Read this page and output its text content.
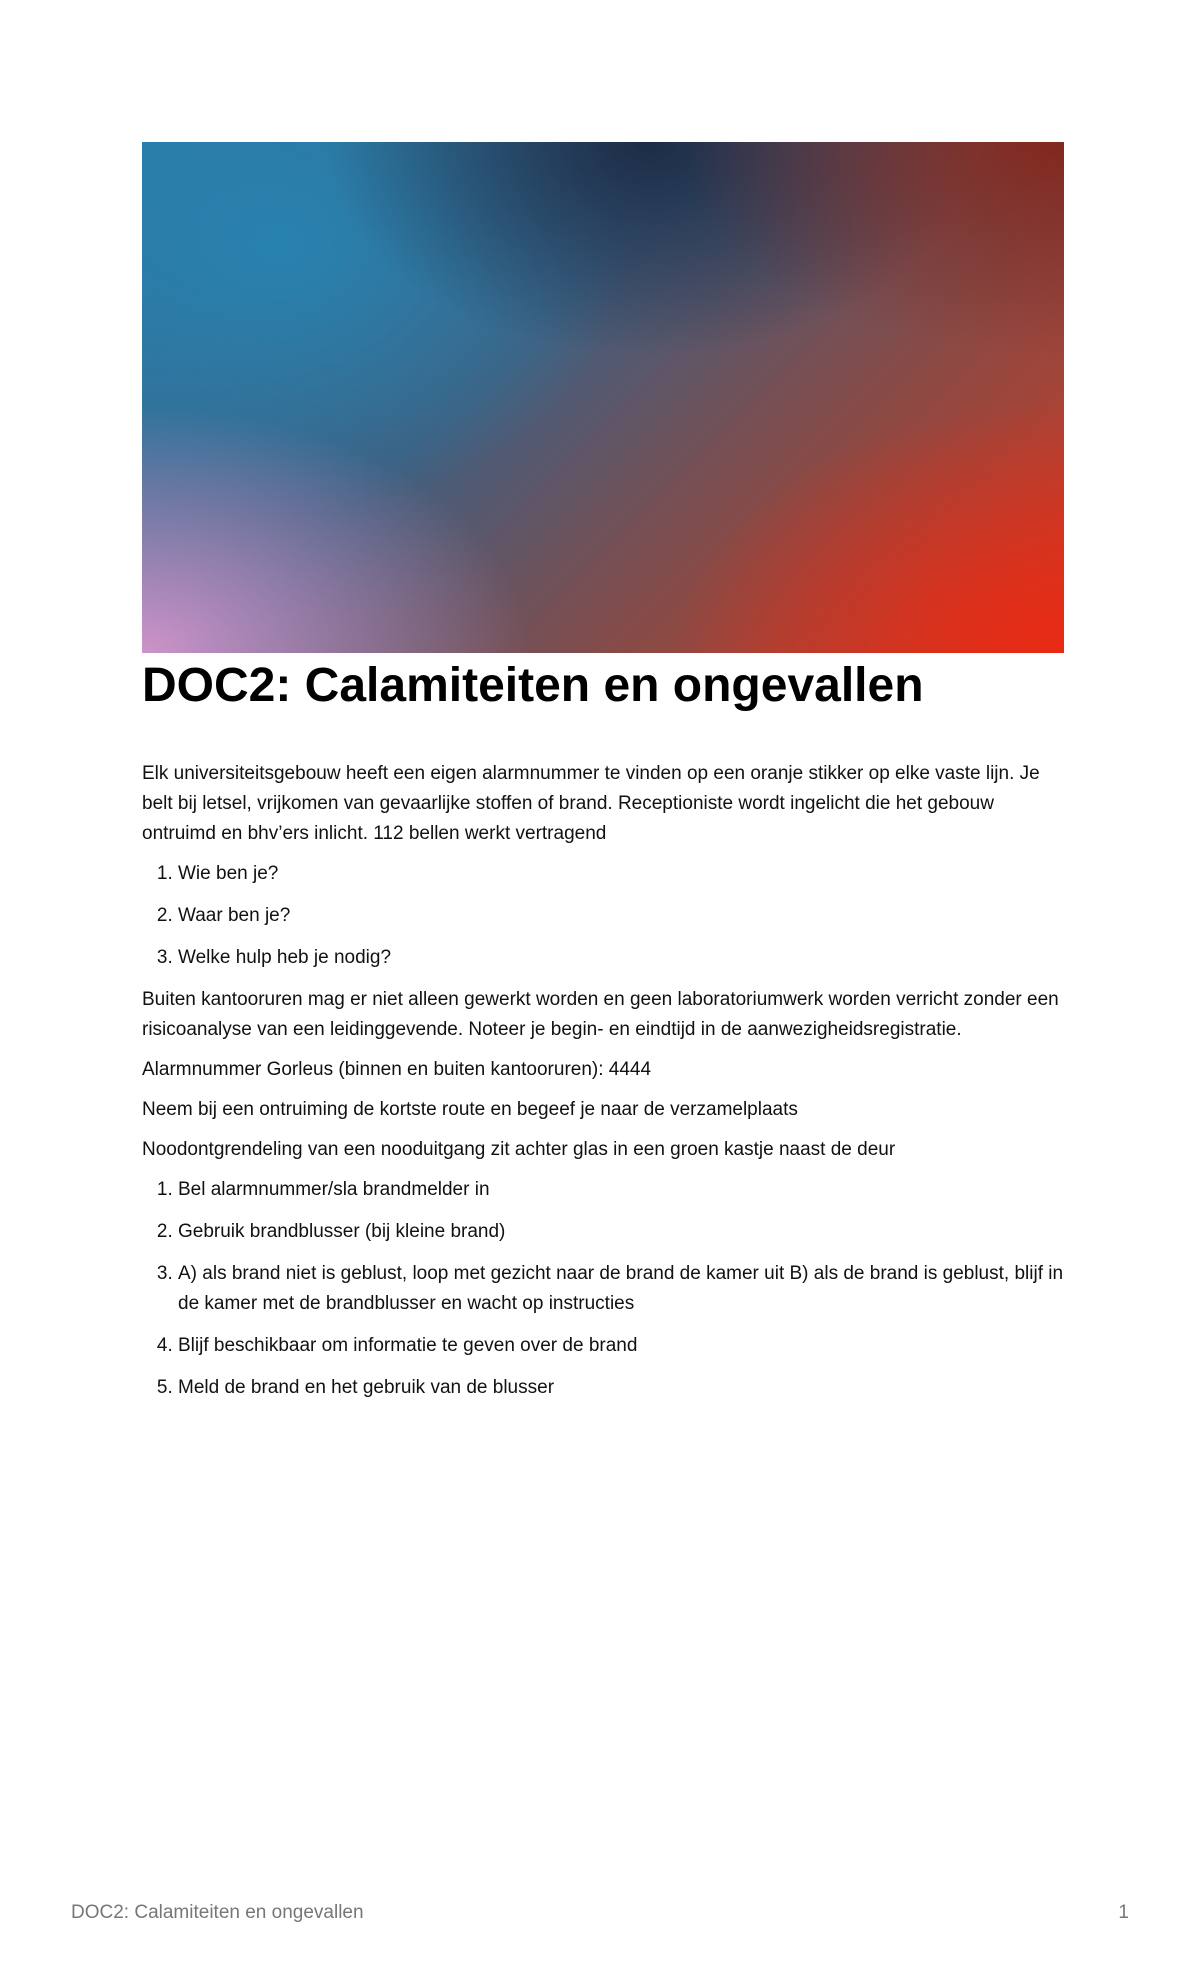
DOC2: Calamiteiten en ongevallen

Elk universiteitsgebouw heeft een eigen alarmnummer te vinden op een oranje stikker op elke vaste lijn. Je belt bij letsel, vrijkomen van gevaarlijke stoffen of brand. Receptioniste wordt ingelicht die het gebouw ontruimd en bhv’ers inlicht. 112 bellen werkt vertragend

1. Wie ben je?
2. Waar ben je?
3. Welke hulp heb je nodig?

Buiten kantooruren mag er niet alleen gewerkt worden en geen laboratoriumwerk worden verricht zonder een risicoanalyse van een leidinggevende. Noteer je begin- en eindtijd in de aanwezigheidsregistratie.

Alarmnummer Gorleus (binnen en buiten kantooruren): 4444

Neem bij een ontruiming de kortste route en begeef je naar de verzamelplaats

Noodontgrendeling van een nooduitgang zit achter glas in een groen kastje naast de deur

1. Bel alarmnummer/sla brandmelder in
2. Gebruik brandblusser (bij kleine brand)
3. A) als brand niet is geblust, loop met gezicht naar de brand de kamer uit B) als de brand is geblust, blijf in de kamer met de brandblusser en wacht op instructies
4. Blijf beschikbaar om informatie te geven over de brand
5. Meld de brand en het gebruik van de blusser
DOC2: Calamiteiten en ongevallen	1
